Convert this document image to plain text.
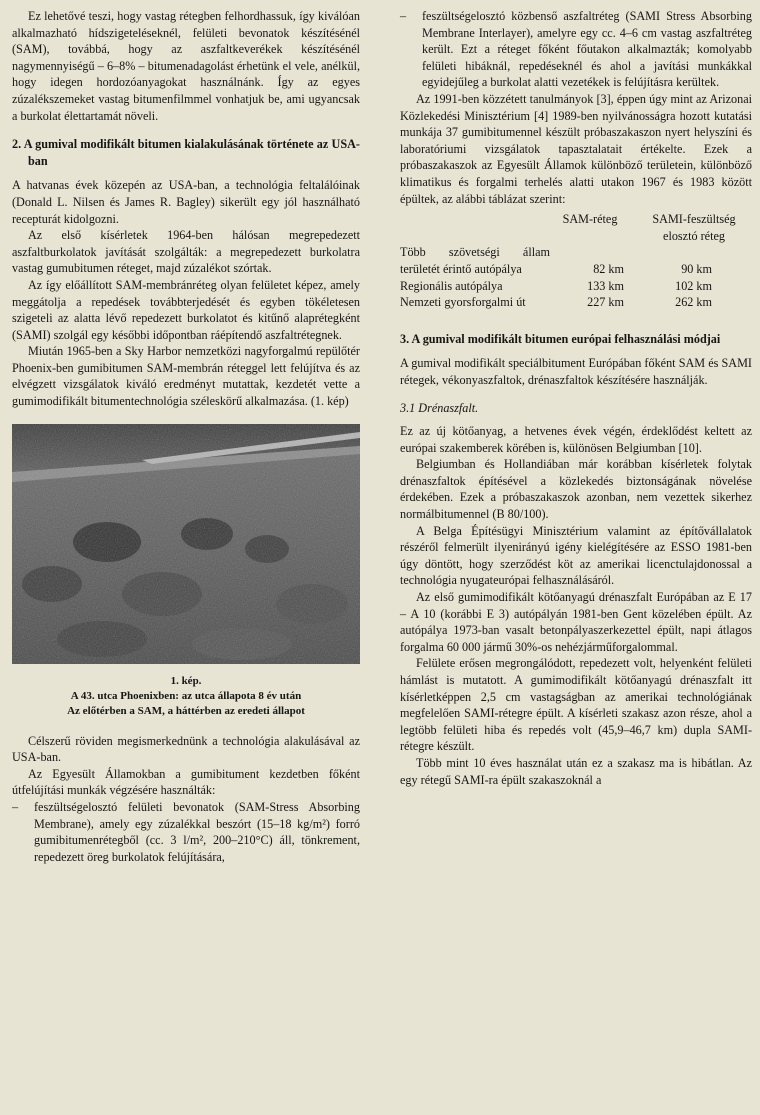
Ez lehetővé teszi, hogy vastag rétegben felhordhassuk, így kiválóan alkalmazható hídszigeteléseknél, felületi bevonatok készítésénél (SAM), továbbá, hogy az aszfaltkeverékek készítésénél nagymennyiségű – 6–8% – bitumenadagolást érhetünk el vele, anélkül, hogy idegen hordozóanyagokat használnánk. Így az egyes zúzalékszemeket vastag bitumenfilmmel vonhatjuk be, ami ugyancsak a burkolat élettartamát növeli.

2. A gumival modifikált bitumen kialakulásának története az USA-ban

A hatvanas évek közepén az USA-ban, a technológia feltalálóinak (Donald L. Nilsen és James R. Bagley) sikerült egy jól használható recepturát kidolgozni.

Az első kísérletek 1964-ben hálósan megrepedezett aszfaltburkolatok javítását szolgálták: a megrepedezett burkolatra vastag gumubitumen réteget, majd zúzalékot szórtak.

Az így előállított SAM-membránréteg olyan felületet képez, amely meggátolja a repedések továbbterjedését és egyben tökéletesen szigeteli az alatta lévő repedezett burkolatot és kitűnő alaprétegként (SAMI) szolgál egy későbbi időpontban ráépítendő aszfaltrétegnek.

Miután 1965-ben a Sky Harbor nemzetközi nagyforgalmú repülőtér Phoenix-ben gumibitumen SAM-membrán réteggel lett felújítva és az elvégzett vizsgálatok kiváló eredményt mutattak, kezdetét vette a gumimodifikált bitumentechnológia széleskörű alkalmazása. (1. kép)

1. kép.
A 43. utca Phoenixben: az utca állapota 8 év után
Az előtérben a SAM, a háttérben az eredeti állapot

Célszerű röviden megismerkednünk a technológia alakulásával az USA-ban.

Az Egyesült Államokban a gumibitument kezdetben főként útfelújítási munkák végzésére használták:

– feszültségelosztó felületi bevonatok (SAM-Stress Absorbing Membrane), amely egy zúzalékkal beszórt (15–18 kg/m²) forró gumibitumenrétegből (cc. 3 l/m², 200–210°C) áll, tönkrement, repedezett öreg burkolatok felújítására,
– feszültségelosztó közbenső aszfaltréteg (SAMI Stress Absorbing Membrane Interlayer), amelyre egy cc. 4–6 cm vastag aszfaltréteg került. Ezt a réteget főként főutakon alkalmazták; komolyabb felületi hibáknál, repedéseknél és ahol a javítási munkákkal egyidejűleg a burkolat alatti vezetékek is felújításra kerültek.

Az 1991-ben közzétett tanulmányok [3], éppen úgy mint az Arizonai Közlekedési Minisztérium [4] 1989-ben nyilvánosságra hozott kutatási munkája 37 gumibitumennel készült próbaszakaszon nyert helyszíni és laboratóriumi vizsgálatok tapasztalatait értékelte. Ezek a próbaszakaszok az Egyesült Államok különböző területein, különböző klimatikus és forgalmi terhelés alatti utakon 1967 és 1983 között épültek, az alábbi táblázat szerint:

	SAM-réteg	SAMI-feszültség elosztó réteg
Több szövetségi állam területét érintő autópálya	82 km	90 km
Regionális autópálya	133 km	102 km
Nemzeti gyorsforgalmi út	227 km	262 km
3. A gumival modifikált bitumen európai felhasználási módjai

A gumival modifikált speciálbitument Európában főként SAM és SAMI rétegek, vékonyaszfaltok, drénaszfaltok készítésére használják.

3.1 Drénaszfalt.

Ez az új kötőanyag, a hetvenes évek végén, érdeklődést keltett az európai szakemberek körében is, különösen Belgiumban [10].

Belgiumban és Hollandiában már korábban kísérletek folytak drénaszfaltok építésével a közlekedés biztonságának növelése érdekében. Ezek a próbaszakaszok azonban, nem vezettek sikerhez normálbitumennel (B 80/100).

A Belga Építésügyi Minisztérium valamint az építővállalatok részéről felmerült ilyenirányú igény kielégítésére az ESSO 1981-ben úgy döntött, hogy szerződést köt az amerikai licenctulajdonossal a technológia nyugateurópai felhasználásáról.

Az első gumimodifikált kötőanyagú drénaszfalt Európában az E 17 – A 10 (korábbi E 3) autópályán 1981-ben Gent közelében épült. Az autópálya 1973-ban vasalt betonpályaszerkezettel épült, napi átlagos forgalma 60 000 jármű 30%-os nehézjárműforgalommal.

Felülete erősen megrongálódott, repedezett volt, helyenként felületi hámlást is mutatott. A gumimodifikált kötőanyagú drénaszfalt itt kísérletképpen 2,5 cm vastagságban az amerikai technológiának megfelelően SAMI-rétegre épült. A kísérleti szakasz azon része, ahol a legtöbb felületi hiba és repedés volt (45,9–46,7 km) dupla SAMI-rétegre készült.

Több mint 10 éves használat után ez a szakasz ma is hibátlan. Az egy rétegű SAMI-ra épült szakaszoknál a
